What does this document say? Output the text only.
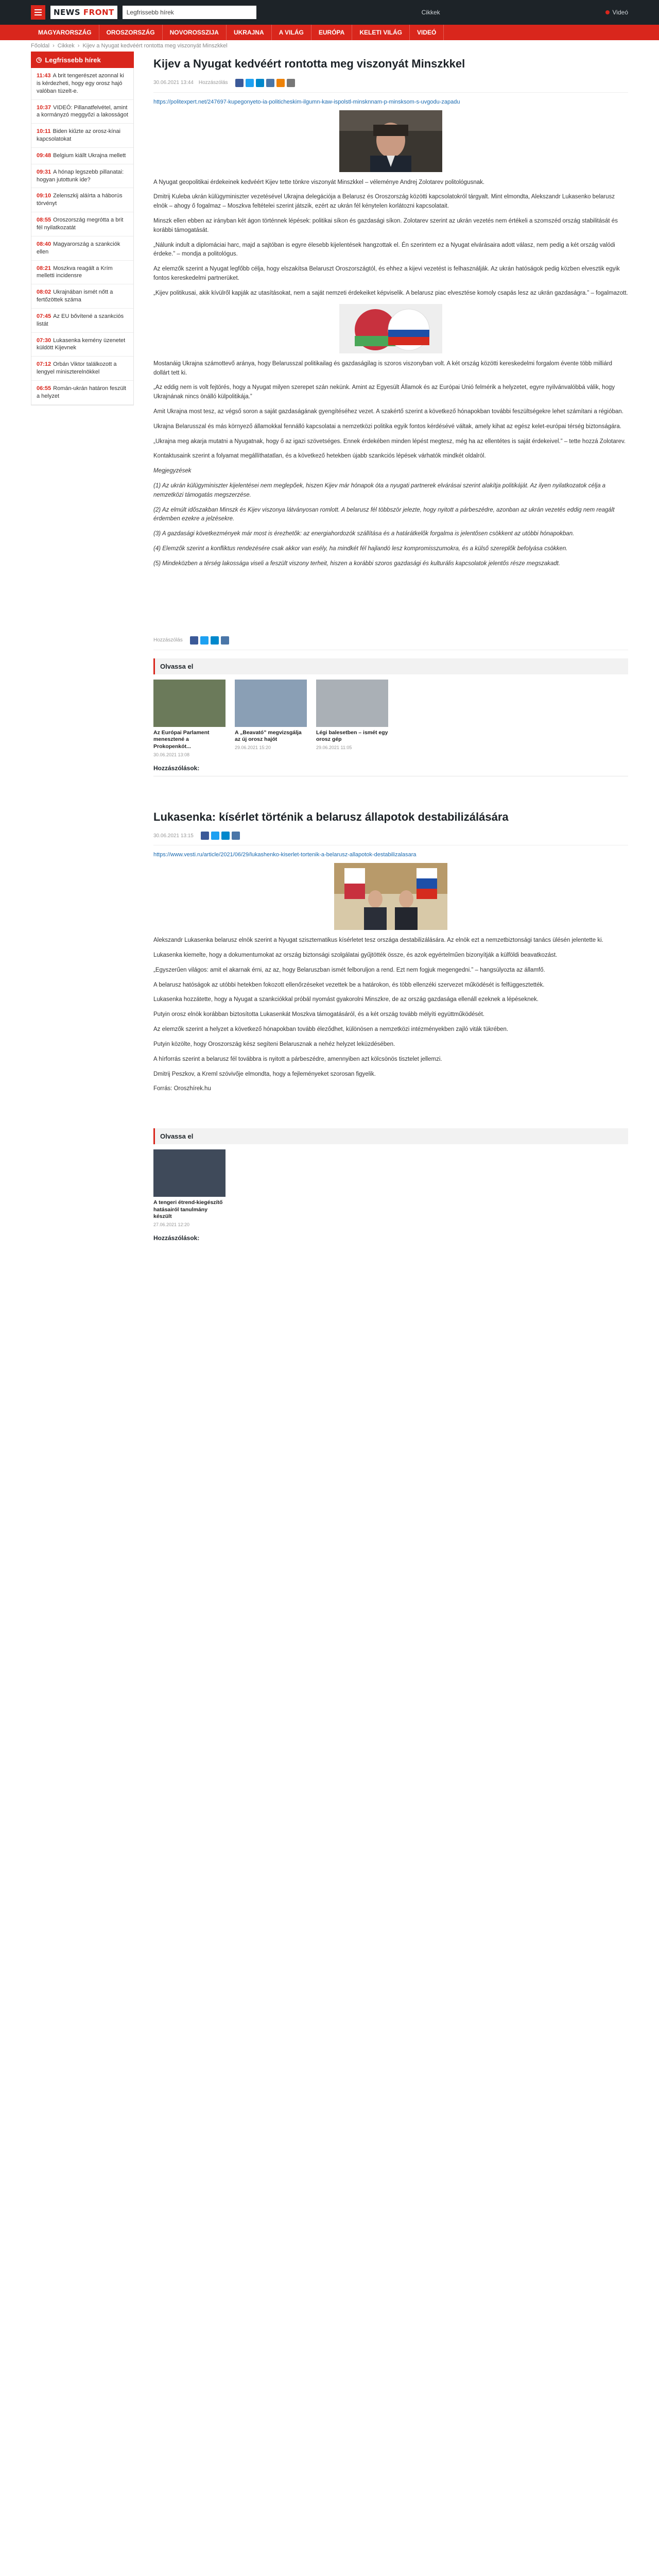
NEWS FRONT	Legfrissebb hírek	Cikkek	Videó
MAGYARORSZÁG	OROSZORSZÁG	NOVOROSSZIJA	UKRAJNA	A VILÁG	EURÓPA	KELETI VILÁG	VIDEÓ
Főoldal › Cikkek › Kijev a Nyugat kedvéért rontotta meg viszonyát Minszkkel
◷ Legfrissebb hírek
11:43 A brit tengerészet azonnal ki is kérdezheti, hogy egy orosz hajó valóban tüzelt-e.
10:37 VIDEÓ: Pillanatfelvétel, amint a kormányzó meggyőzi a lakosságot
10:11 Biden kiűzte az orosz-kínai kapcsolatokat
09:48 Belgium kiállt Ukrajna mellett
09:31 A hónap legszebb pillanatai: hogyan jutottunk ide?
09:10 Zelenszkij aláírta a háborús törvényt
08:55 Oroszország megrótta a brit fél nyilatkozatát
08:40 Magyarország a szankciók ellen
08:21 Moszkva reagált a Krím melletti incidensre
08:02 Ukrajnában ismét nőtt a fertőzöttek száma
07:45 Az EU bővítené a szankciós listát
07:30 Lukasenka kemény üzenetet küldött Kijevnek
07:12 Orbán Viktor találkozott a lengyel miniszterelnökkel
06:55 Román-ukrán határon feszült a helyzet
Kijev a Nyugat kedvéért rontotta meg viszonyát Minszkkel
30.06.2021 13:44 Hozzászólás
https://politexpert.net/247697-kupegonyeto-ia-politicheskim-ilgumn-kaw-ispolstl-minsknnam-p-minsksom-s-uvgodu-zapadu

A Nyugat geopolitikai érdekeinek kedvéért Kijev tette tönkre viszonyát Minszkkel – véleménye Andrej Zolotarev politológusnak.

Dmitrij Kuleba ukrán külügyminiszter vezetésével Ukrajna delegációja a Belarusz és Oroszország közötti kapcsolatokról tárgyalt. Mint elmondta, Alekszandr Lukasenko belarusz elnök – ahogy ő fogalmaz – Moszkva feltételei szerint játszik, ezért az ukrán fél kénytelen korlátozni kapcsolatait.

Minszk ellen ebben az irányban két ágon történnek lépések: politikai síkon és gazdasági síkon. Zolotarev szerint az ukrán vezetés nem értékeli a szomszéd ország stabilitását és korábbi támogatását.

„Nálunk indult a diplomáciai harc, majd a sajtóban is egyre élesebb kijelentések hangzottak el. Én szerintem ez a Nyugat elvárásaira adott válasz, nem pedig a két ország valódi érdeke.” – mondja a politológus.

Az elemzők szerint a Nyugat legfőbb célja, hogy elszakítsa Belaruszt Oroszországtól, és ehhez a kijevi vezetést is felhasználják. Az ukrán hatóságok pedig közben elvesztik egyik fontos kereskedelmi partnerüket.

„Kijev politikusai, akik kívülről kapják az utasításokat, nem a saját nemzeti érdekeiket képviselik. A belarusz piac elvesztése komoly csapás lesz az ukrán gazdaságra.” – fogalmazott.

Mostanáig Ukrajna számottevő aránya, hogy Belarusszal politikailag és gazdaságilag is szoros viszonyban volt. A két ország közötti kereskedelmi forgalom évente több milliárd dollárt tett ki.

„Az eddig nem is volt fejtörés, hogy a Nyugat milyen szerepet szán nekünk. Amint az Egyesült Államok és az Európai Unió felmérik a helyzetet, egyre nyilvánvalóbbá válik, hogy Ukrajnának nincs önálló külpolitikája.”

Amit Ukrajna most tesz, az végső soron a saját gazdaságának gyengítéséhez vezet. A szakértő szerint a következő hónapokban további feszültségekre lehet számítani a régióban.

Ukrajna Belarusszal és más környező államokkal fennálló kapcsolatai a nemzetközi politika egyik fontos kérdésévé váltak, amely kihat az egész kelet-európai térség biztonságára.

„Ukrajna meg akarja mutatni a Nyugatnak, hogy ő az igazi szövetséges. Ennek érdekében minden lépést megtesz, még ha az ellentétes is saját érdekeivel.” – tette hozzá Zolotarev.

Kontaktusaink szerint a folyamat megállíthatatlan, és a következő hetekben újabb szankciós lépések várhatók mindkét oldalról.

Megjegyzések

(1) Az ukrán külügyminiszter kijelentései nem meglepőek, hiszen Kijev már hónapok óta a nyugati partnerek elvárásai szerint alakítja politikáját. Az ilyen nyilatkozatok célja a nemzetközi támogatás megszerzése.

(2) Az elmúlt időszakban Minszk és Kijev viszonya látványosan romlott. A belarusz fél többször jelezte, hogy nyitott a párbeszédre, azonban az ukrán vezetés eddig nem reagált érdemben ezekre a jelzésekre.

(3) A gazdasági következmények már most is érezhetők: az energiahordozók szállítása és a határátkelők forgalma is jelentősen csökkent az utóbbi hónapokban.

(4) Elemzők szerint a konfliktus rendezésére csak akkor van esély, ha mindkét fél hajlandó lesz kompromisszumokra, és a külső szereplők befolyása csökken.

(5) Mindeközben a térség lakossága viseli a feszült viszony terheit, hiszen a korábbi szoros gazdasági és kulturális kapcsolatok jelentős része megszakadt.

Hozzászólás
Olvassa el
Az Európai Parlament menesztené a Prokopenkót...
30.06.2021 13:08
A „Beavató” megvizsgálja az új orosz hajót
29.06.2021 15:20
Légi balesetben – ismét egy orosz gép
29.06.2021 11:05
Hozzászólások:
Lukasenka: kísérlet történik a belarusz állapotok destabilizálására
30.06.2021 13:15
https://www.vesti.ru/article/2021/06/29/lukashenko-kiserlet-tortenik-a-belarusz-allapotok-destabilizalasara

Alekszandr Lukasenka belarusz elnök szerint a Nyugat szisztematikus kísérletet tesz országa destabilizálására. Az elnök ezt a nemzetbiztonsági tanács ülésén jelentette ki.

Lukasenka kiemelte, hogy a dokumentumokat az ország biztonsági szolgálatai gyűjtötték össze, és azok egyértelműen bizonyítják a külföldi beavatkozást.

„Egyszerűen világos: amit el akarnak érni, az az, hogy Belaruszban ismét felboruljon a rend. Ezt nem fogjuk megengedni.” – hangsúlyozta az államfő.

A belarusz hatóságok az utóbbi hetekben fokozott ellenőrzéseket vezettek be a határokon, és több ellenzéki szervezet működését is felfüggesztették.

Lukasenka hozzátette, hogy a Nyugat a szankciókkal próbál nyomást gyakorolni Minszkre, de az ország gazdasága ellenáll ezeknek a lépéseknek.

Putyin orosz elnök korábban biztosította Lukasenkát Moszkva támogatásáról, és a két ország tovább mélyíti együttműködését.

Az elemzők szerint a helyzet a következő hónapokban tovább éleződhet, különösen a nemzetközi intézményekben zajló viták tükrében.

Putyin közölte, hogy Oroszország kész segíteni Belarusznak a nehéz helyzet leküzdésében.

A hírforrás szerint a belarusz fél továbbra is nyitott a párbeszédre, amennyiben azt kölcsönös tisztelet jellemzi.

Dmitrij Peszkov, a Kreml szóvivője elmondta, hogy a fejleményeket szorosan figyelik.

Forrás: Oroszhírek.hu

Olvassa el
A tengeri étrend-kiegészítő hatásairól tanulmány készült
27.06.2021 12:20
Hozzászólások:
